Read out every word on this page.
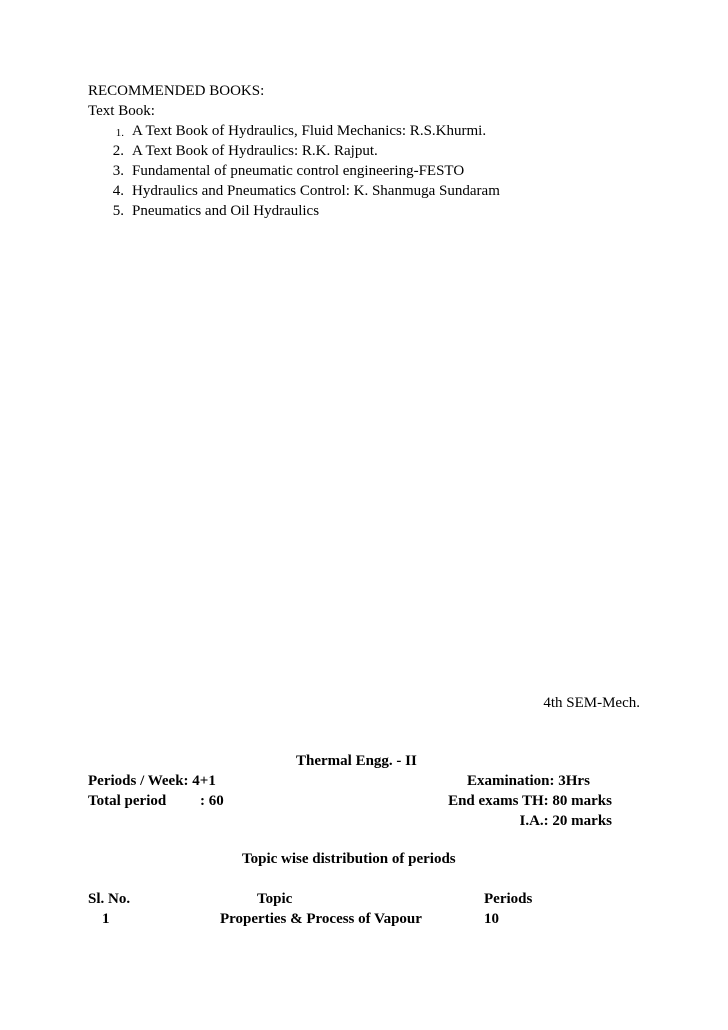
RECOMMENDED BOOKS:
Text Book:
1. A Text Book of Hydraulics, Fluid Mechanics: R.S.Khurmi.
2. A Text Book of Hydraulics: R.K. Rajput.
3. Fundamental of pneumatic control engineering-FESTO
4. Hydraulics and Pneumatics Control: K. Shanmuga Sundaram
5. Pneumatics and Oil Hydraulics
4th SEM-Mech.
Thermal Engg. - II
Periods / Week: 4+1	Examination: 3Hrs
Total period : 60	End exams TH: 80 marks
I.A.: 20 marks
Topic wise distribution of periods
Sl. No.	Topic	Periods
1	Properties & Process of Vapour	10
